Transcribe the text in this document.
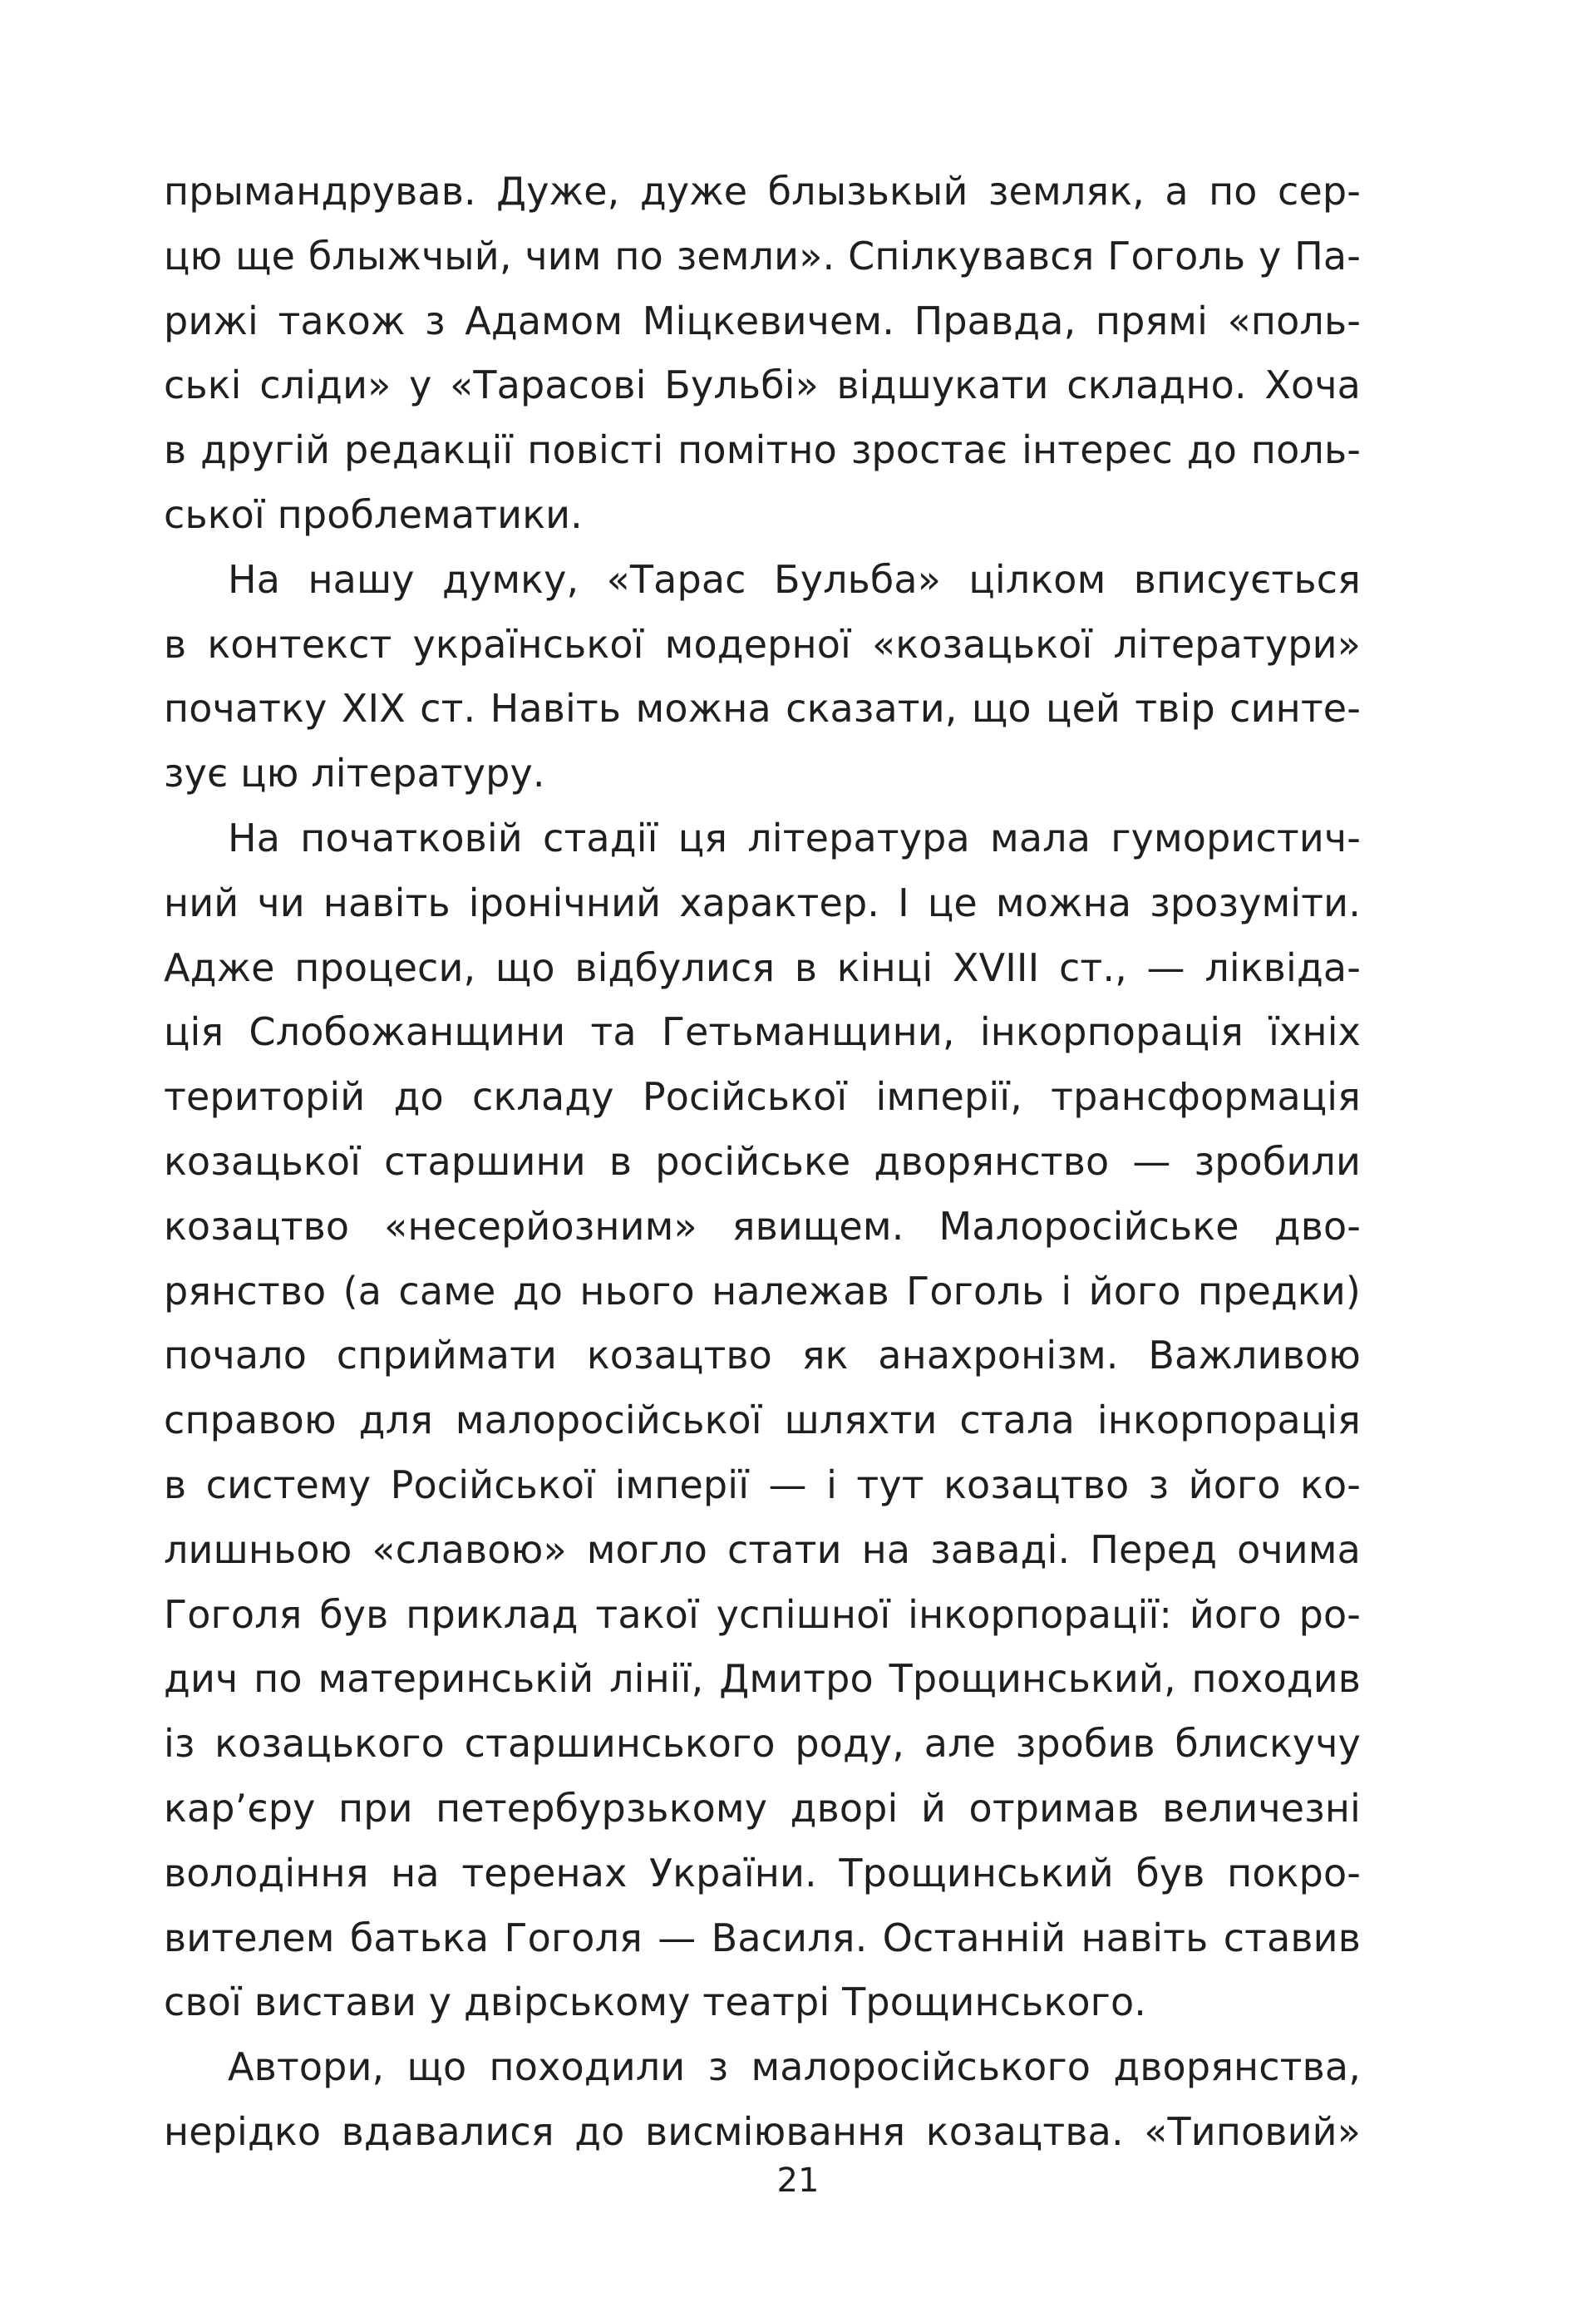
прымандрував. Дуже, дуже блызькый земляк, а по сер-
цю ще блыжчый, чим по земли». Спілкувався Гоголь у Па-
рижі також з Адамом Міцкевичем. Правда, прямі «поль-
ські сліди» у «Тарасові Бульбі» відшукати складно. Хоча
в другій редакції повісті помітно зростає інтерес до поль-
ської проблематики.
На нашу думку, «Тарас Бульба» цілком вписується
в контекст української модерної «козацької літератури»
початку XIX ст. Навіть можна сказати, що цей твір синте-
зує цю літературу.
На початковій стадії ця література мала гумористич-
ний чи навіть іронічний характер. І це можна зрозуміти.
Адже процеси, що відбулися в кінці XVIII ст., — ліквіда-
ція Слобожанщини та Гетьманщини, інкорпорація їхніх
територій до складу Російської імперії, трансформація
козацької старшини в російське дворянство — зробили
козацтво «несерйозним» явищем. Малоросійське дво-
рянство (а саме до нього належав Гоголь і його предки)
почало сприймати козацтво як анахронізм. Важливою
справою для малоросійської шляхти стала інкорпорація
в систему Російської імперії — і тут козацтво з його ко-
лишньою «славою» могло стати на заваді. Перед очима
Гоголя був приклад такої успішної інкорпорації: його ро-
дич по материнській лінії, Дмитро Трощинський, походив
із козацького старшинського роду, але зробив блискучу
кар’єру при петербурзькому дворі й отримав величезні
володіння на теренах України. Трощинський був покро-
вителем батька Гоголя — Василя. Останній навіть ставив
свої вистави у двірському театрі Трощинського.
Автори, що походили з малоросійського дворянства,
нерідко вдавалися до висміювання козацтва. «Типовий»
21
